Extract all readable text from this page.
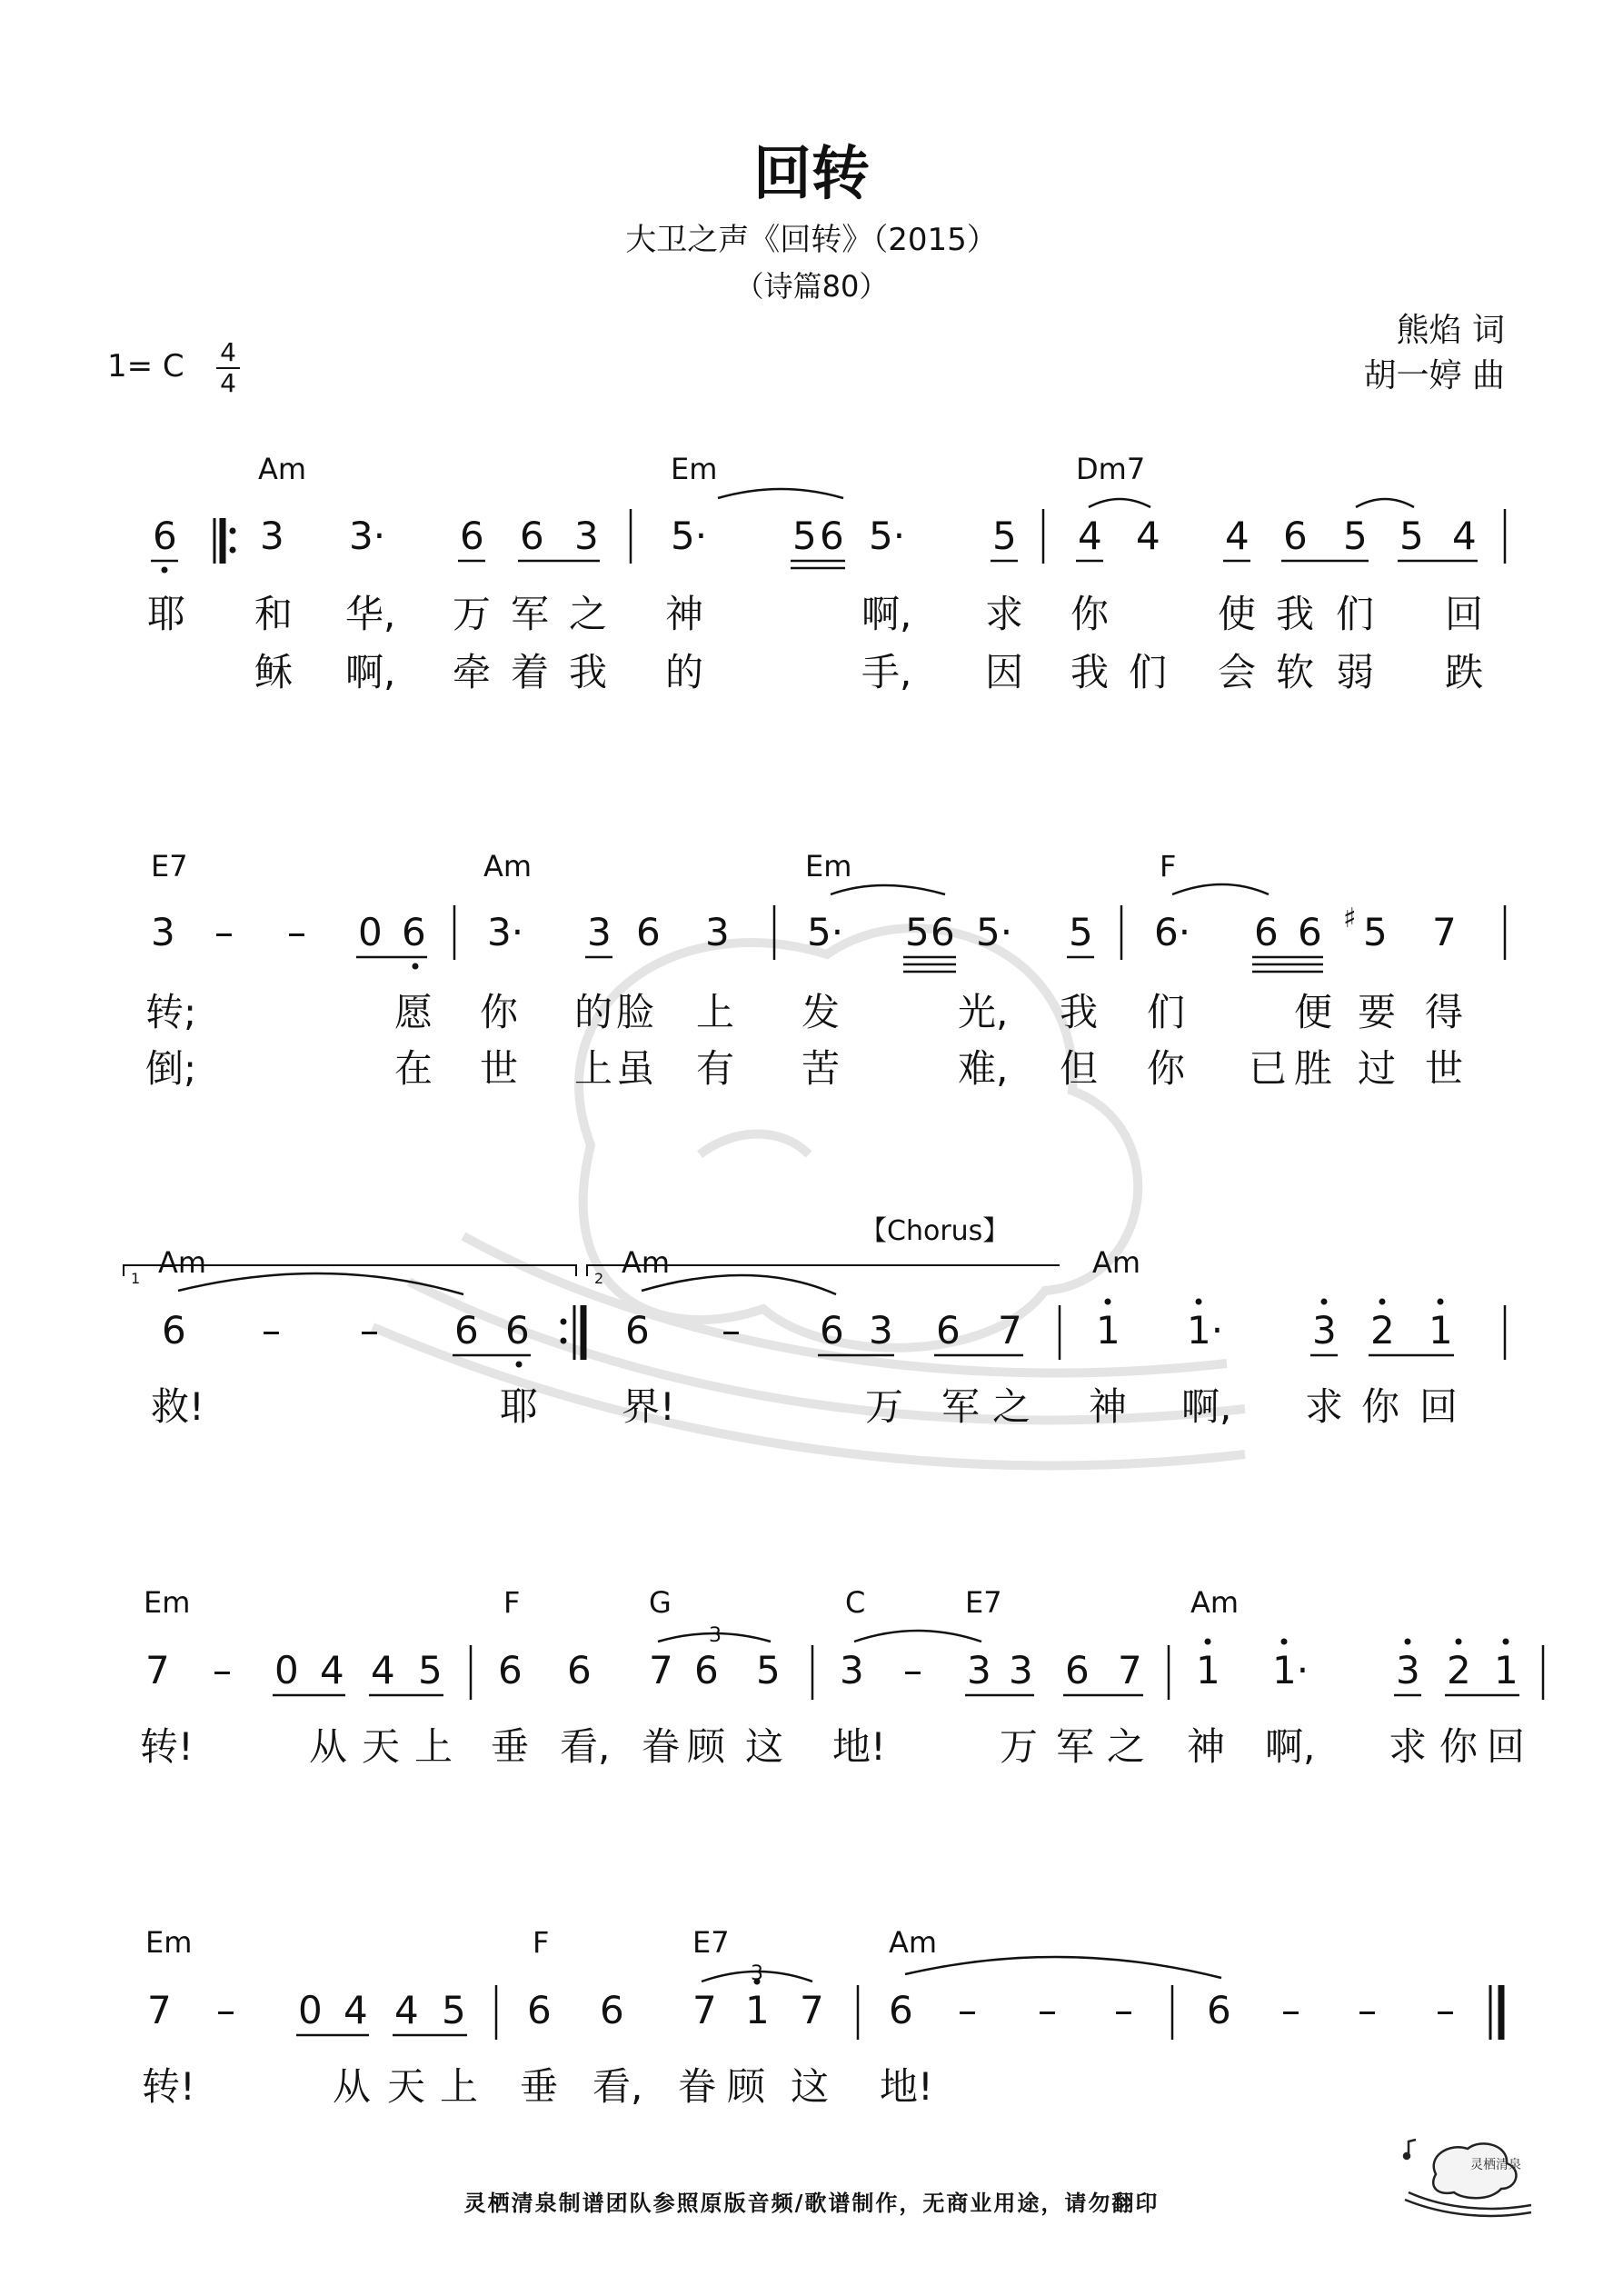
回转
大卫之声《回转》（2015）
（诗篇80）
熊焰 词
胡一婷 曲
1= C $\frac{4}{4}$
Am	Em	Dm7
6 3 3· 6 6 3 5· 5 6 5· 5 4 4 4 6 5 5 4
耶 和 华, 万 军 之 神	啊, 求 你	使 我 们 回
稣 啊, 牵 着 我 的	手, 因 我 们 会 软 弱 跌
E7	Am	Em	F
3 – – 0 6 3· 3 6 3 5· 5 6 5· 5 6· 6 6 ♯ 5 7
转;	愿 你 的 脸 上 发	光, 我 们	便 要 得
倒;	在 世 上 虽 有 苦	难, 但 你 已 胜 过 世
【Chorus】
1	2
Am	Am	Am
6 – – 6 6	6 – 6 3 6 7 1 1· 3 2 1
救!	耶 界!	万 军 之 神 啊, 求 你 回
Em	F	G	C	E7	Am
7 – 0 4 4 5 6 6 7 6 5
3
3 – 3 3 6 7 1 1· 3 2 1
转!	从 天 上 垂 看, 眷 顾 这 地!	万 军 之 神 啊, 求 你 回
Em	F	E7	Am
7 – 0 4 4 5 6 6 7 1 7
3
6 – – – 6 – – –
转!	从 天 上 垂 看, 眷 顾 这 地!
灵栖清泉
灵栖清泉制谱团队参照原版音频/歌谱制作，无商业用途，请勿翻印
